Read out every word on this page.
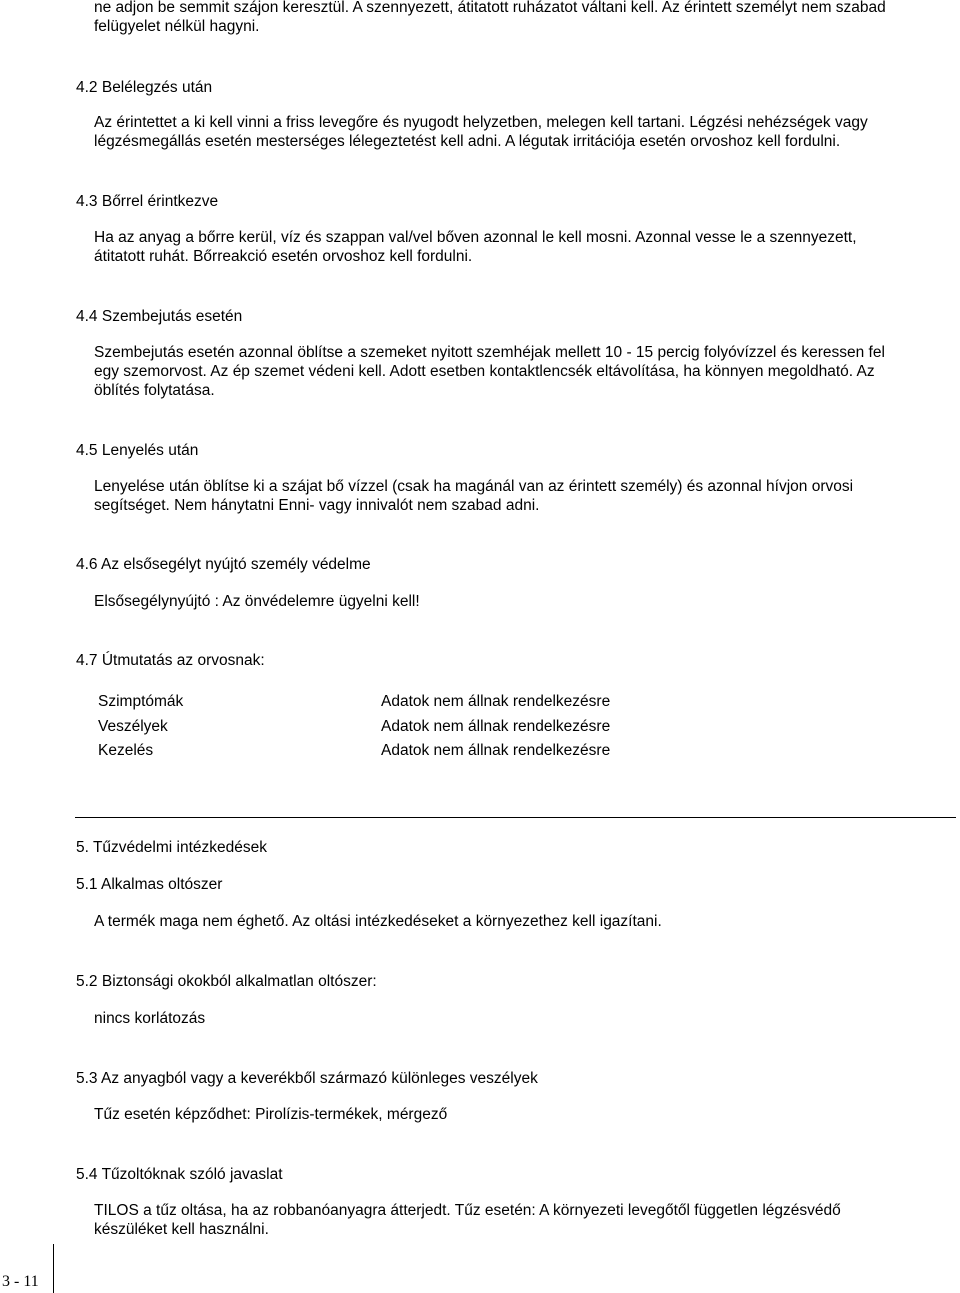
ne adjon be semmit szájon keresztül. A szennyezett, átitatott ruházatot váltani kell. Az érintett személyt nem szabad
felügyelet nélkül hagyni.
4.2 Belélegzés után
Az érintettet a ki kell vinni a friss levegőre és nyugodt helyzetben, melegen kell tartani. Légzési nehézségek vagy
légzésmegállás esetén mesterséges lélegeztetést kell adni. A légutak irritációja esetén orvoshoz kell fordulni.
4.3 Bőrrel érintkezve
Ha az anyag a bőrre kerül, víz és szappan val/vel bőven azonnal le kell mosni. Azonnal vesse le a szennyezett,
átitatott ruhát. Bőrreakció esetén orvoshoz kell fordulni.
4.4 Szembejutás esetén
Szembejutás esetén azonnal öblítse a szemeket nyitott szemhéjak mellett 10 - 15 percig folyóvízzel és keressen fel
egy szemorvost. Az ép szemet védeni kell. Adott esetben kontaktlencsék eltávolítása, ha könnyen megoldható. Az
öblítés folytatása.
4.5 Lenyelés után
Lenyelése után öblítse ki a szájat bő vízzel (csak ha magánál van az érintett személy) és azonnal hívjon orvosi
segítséget. Nem hánytatni Enni- vagy innivalót nem szabad adni.
4.6 Az elsősegélyt nyújtó személy védelme
Elsősegélynyújtó : Az önvédelemre ügyelni kell!
4.7 Útmutatás az orvosnak:
Szimptómák	Adatok nem állnak rendelkezésre
Veszélyek	Adatok nem állnak rendelkezésre
Kezelés	Adatok nem állnak rendelkezésre
5. Tűzvédelmi intézkedések
5.1 Alkalmas oltószer
A termék maga nem éghető. Az oltási intézkedéseket a környezethez kell igazítani.
5.2 Biztonsági okokból alkalmatlan oltószer:
nincs korlátozás
5.3 Az anyagból vagy a keverékből származó különleges veszélyek
Tűz esetén képződhet: Pirolízis-termékek, mérgező
5.4 Tűzoltóknak szóló javaslat
TILOS a tűz oltása, ha az robbanóanyagra átterjedt. Tűz esetén: A környezeti levegőtől független légzésvédő
készüléket kell használni.
3 - 11
